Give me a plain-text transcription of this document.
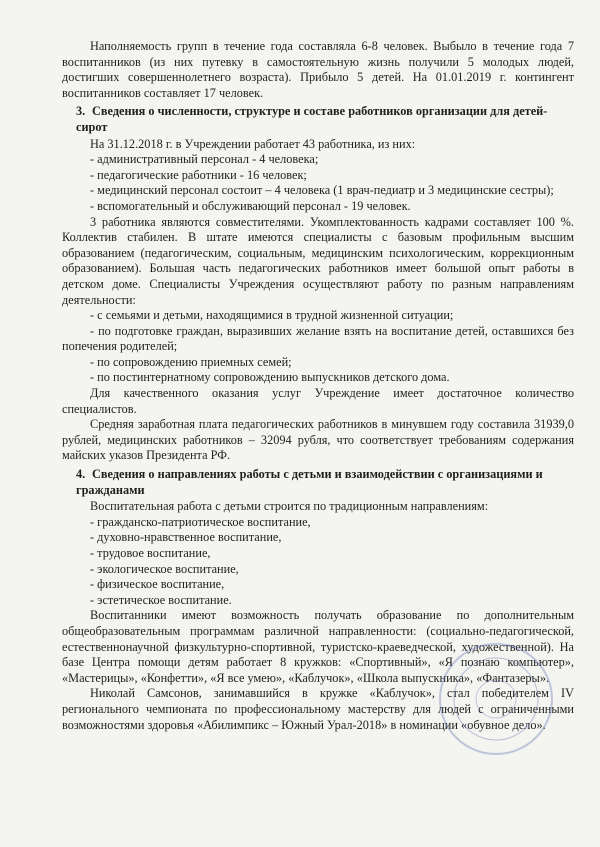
Наполняемость групп в течение года составляла 6-8 человек. Выбыло в течение года 7 воспитанников (из них путевку в самостоятельную жизнь получили 5 молодых людей, достигших совершеннолетнего возраста). Прибыло 5 детей. На 01.01.2019 г. контингент воспитанников составляет 17 человек.

3. Сведения о численности, структуре и составе работников организации для детей-сирот

На 31.12.2018 г. в Учреждении работает 43 работника, из них:

- административный персонал - 4 человека;

- педагогические работники - 16 человек;

- медицинский персонал состоит – 4 человека (1 врач-педиатр и 3 медицинские сестры);

- вспомогательный и обслуживающий персонал - 19 человек.

3 работника являются совместителями. Укомплектованность кадрами составляет 100 %. Коллектив стабилен. В штате имеются специалисты с базовым профильным высшим образованием (педагогическим, социальным, медицинским психологическим, коррекционным образованием). Большая часть педагогических работников имеет большой опыт работы в детском доме. Специалисты Учреждения осуществляют работу по разным направлениям деятельности:

- с семьями и детьми, находящимися в трудной жизненной ситуации;

- по подготовке граждан, выразивших желание взять на воспитание детей, оставшихся без попечения родителей;

- по сопровождению приемных семей;

- по постинтернатному сопровождению выпускников детского дома.

Для качественного оказания услуг Учреждение имеет достаточное количество специалистов.

Средняя заработная плата педагогических работников в минувшем году составила 31939,0 рублей, медицинских работников – 32094 рубля, что соответствует требованиям содержания майских указов Президента РФ.

4. Сведения о направлениях работы с детьми и взаимодействии с организациями и гражданами

Воспитательная работа с детьми строится по традиционным направлениям:

- гражданско-патриотическое воспитание,

- духовно-нравственное воспитание,

- трудовое воспитание,

- экологическое воспитание,

- физическое воспитание,

- эстетическое воспитание.

Воспитанники имеют возможность получать образование по дополнительным общеобразовательным программам различной направленности: (социально-педагогической, естественнонаучной физкультурно-спортивной, туристско-краеведческой, художественной). На базе Центра помощи детям работает 8 кружков: «Спортивный», «Я познаю компьютер», «Мастерицы», «Конфетти», «Я все умею», «Каблучок», «Школа выпускника», «Фантазеры».

Николай Самсонов, занимавшийся в кружке «Каблучок», стал победителем IV регионального чемпионата по профессиональному мастерству для людей с ограниченными возможностями здоровья «Абилимпикс – Южный Урал-2018» в номинации «обувное дело».
